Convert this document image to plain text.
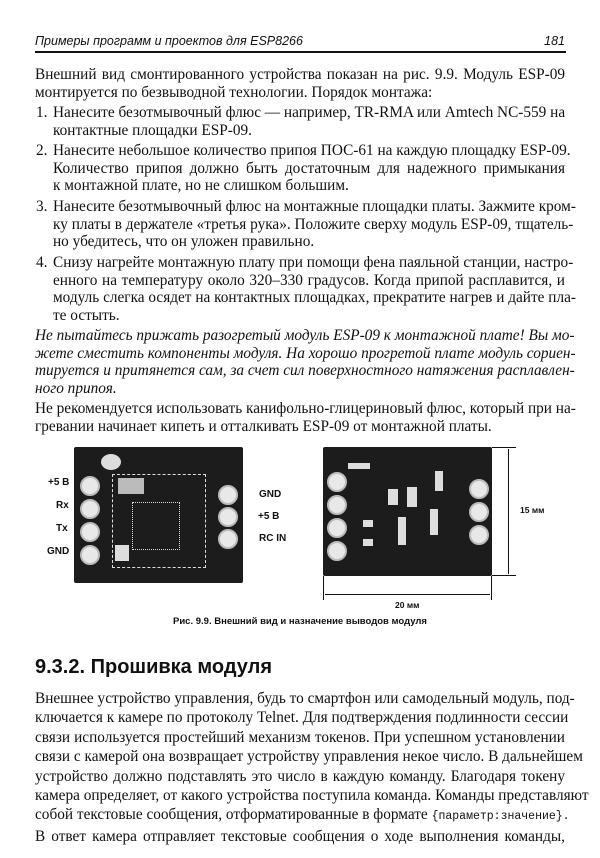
Примеры программ и проектов для ESP8266	181
Внешний вид смонтированного устройства показан на рис. 9.9. Модуль ESP-09
монтируется по безвыводной технологии. Порядок монтажа:
1. Нанесите безотмывочный флюс — например, TR-RMA или Amtech NC-559 на
контактные площадки ESP-09.
2. Нанесите небольшое количество припоя ПОС-61 на каждую площадку ESP-09.
Количество припоя должно быть достаточным для надежного примыкания
к монтажной плате, но не слишком большим.
3. Нанесите безотмывочный флюс на монтажные площадки платы. Зажмите кром-
ку платы в держателе «третья рука». Положите сверху модуль ESP-09, тщатель-
но убедитесь, что он уложен правильно.
4. Снизу нагрейте монтажную плату при помощи фена паяльной станции, настро-
енного на температуру около 320–330 градусов. Когда припой расплавится, и
модуль слегка осядет на контактных площадках, прекратите нагрев и дайте пла-
те остыть.
Не пытайтесь прижать разогретый модуль ESP-09 к монтажной плате! Вы мо-
жете сместить компоненты модуля. На хорошо прогретой плате модуль сориен-
тируется и притянется сам, за счет сил поверхностного натяжения расплавлен-
ного припоя.
Не рекомендуется использовать канифольно-глицериновый флюс, который при на-
гревании начинает кипеть и отталкивать ESP-09 от монтажной платы.
+5 В
Rx
Tx
GND
GND
+5 В
RC IN
15 мм
20 мм
Рис. 9.9. Внешний вид и назначение выводов модуля
9.3.2. Прошивка модуля
Внешнее устройство управления, будь то смартфон или самодельный модуль, под-
ключается к камере по протоколу Telnet. Для подтверждения подлинности сессии
связи используется простейший механизм токенов. При успешном установлении
связи с камерой она возвращает устройству управления некое число. В дальнейшем
устройство должно подставлять это число в каждую команду. Благодаря токену
камера определяет, от какого устройства поступила команда. Команды представляют
собой текстовые сообщения, отформатированные в формате {параметр:значение}.
В ответ камера отправляет текстовые сообщения о ходе выполнения команды,
